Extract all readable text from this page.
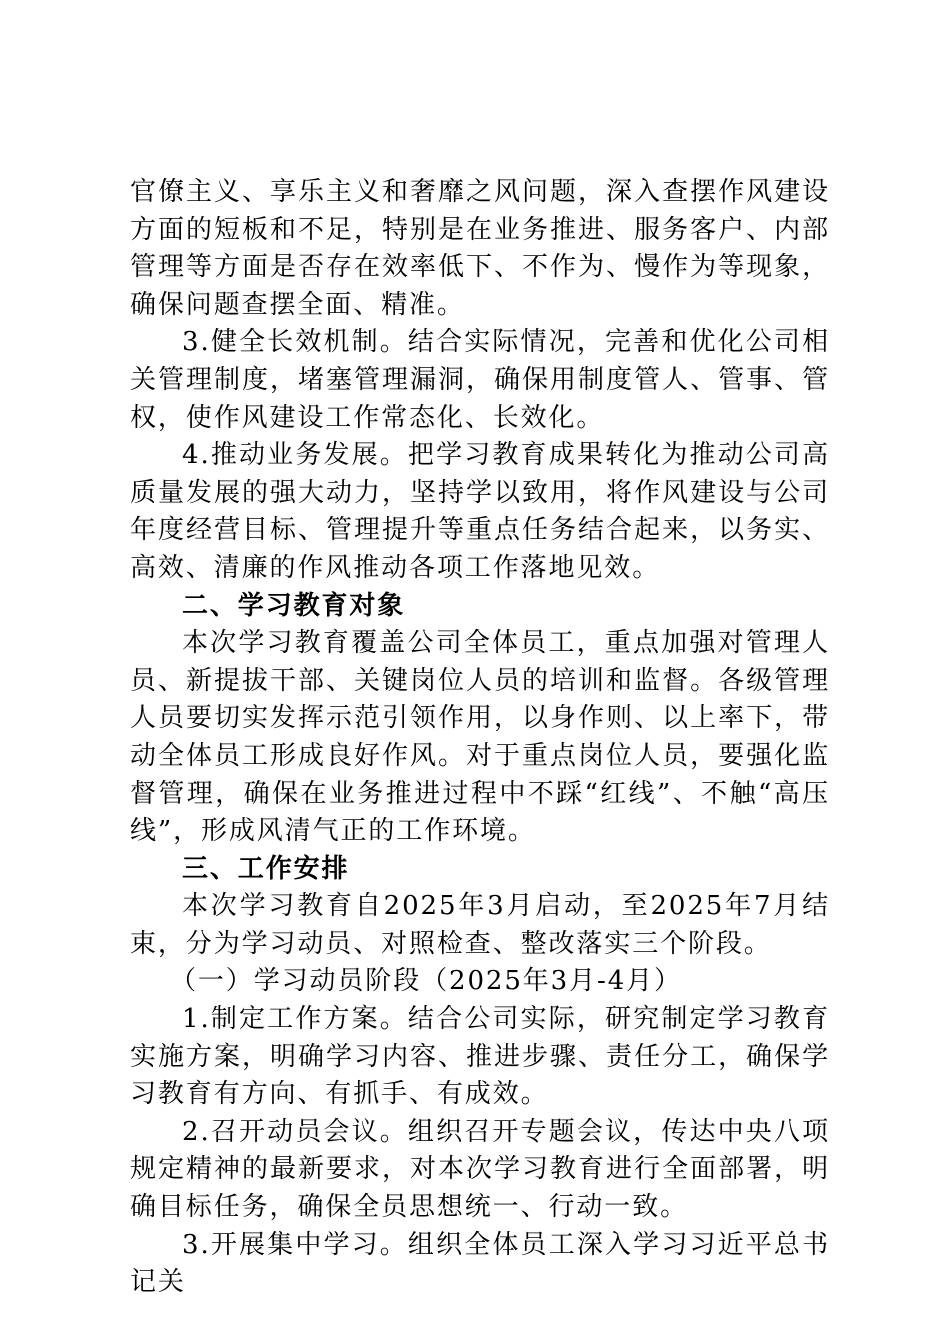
官僚主义、享乐主义和奢靡之风问题，深入查摆作风建设方面的短板和不足，特别是在业务推进、服务客户、内部管理等方面是否存在效率低下、不作为、慢作为等现象，确保问题查摆全面、精准。

3.健全长效机制。结合实际情况，完善和优化公司相关管理制度，堵塞管理漏洞，确保用制度管人、管事、管权，使作风建设工作常态化、长效化。

4.推动业务发展。把学习教育成果转化为推动公司高质量发展的强大动力，坚持学以致用，将作风建设与公司年度经营目标、管理提升等重点任务结合起来，以务实、高效、清廉的作风推动各项工作落地见效。

二、学习教育对象

本次学习教育覆盖公司全体员工，重点加强对管理人员、新提拔干部、关键岗位人员的培训和监督。各级管理人员要切实发挥示范引领作用，以身作则、以上率下，带动全体员工形成良好作风。对于重点岗位人员，要强化监督管理，确保在业务推进过程中不踩“红线”、不触“高压线”，形成风清气正的工作环境。

三、工作安排

本次学习教育自2025年3月启动，至2025年7月结束，分为学习动员、对照检查、整改落实三个阶段。

（一）学习动员阶段（2025年3月-4月）

1.制定工作方案。结合公司实际，研究制定学习教育实施方案，明确学习内容、推进步骤、责任分工，确保学习教育有方向、有抓手、有成效。

2.召开动员会议。组织召开专题会议，传达中央八项规定精神的最新要求，对本次学习教育进行全面部署，明确目标任务，确保全员思想统一、行动一致。

3.开展集中学习。组织全体员工深入学习习近平总书记关
